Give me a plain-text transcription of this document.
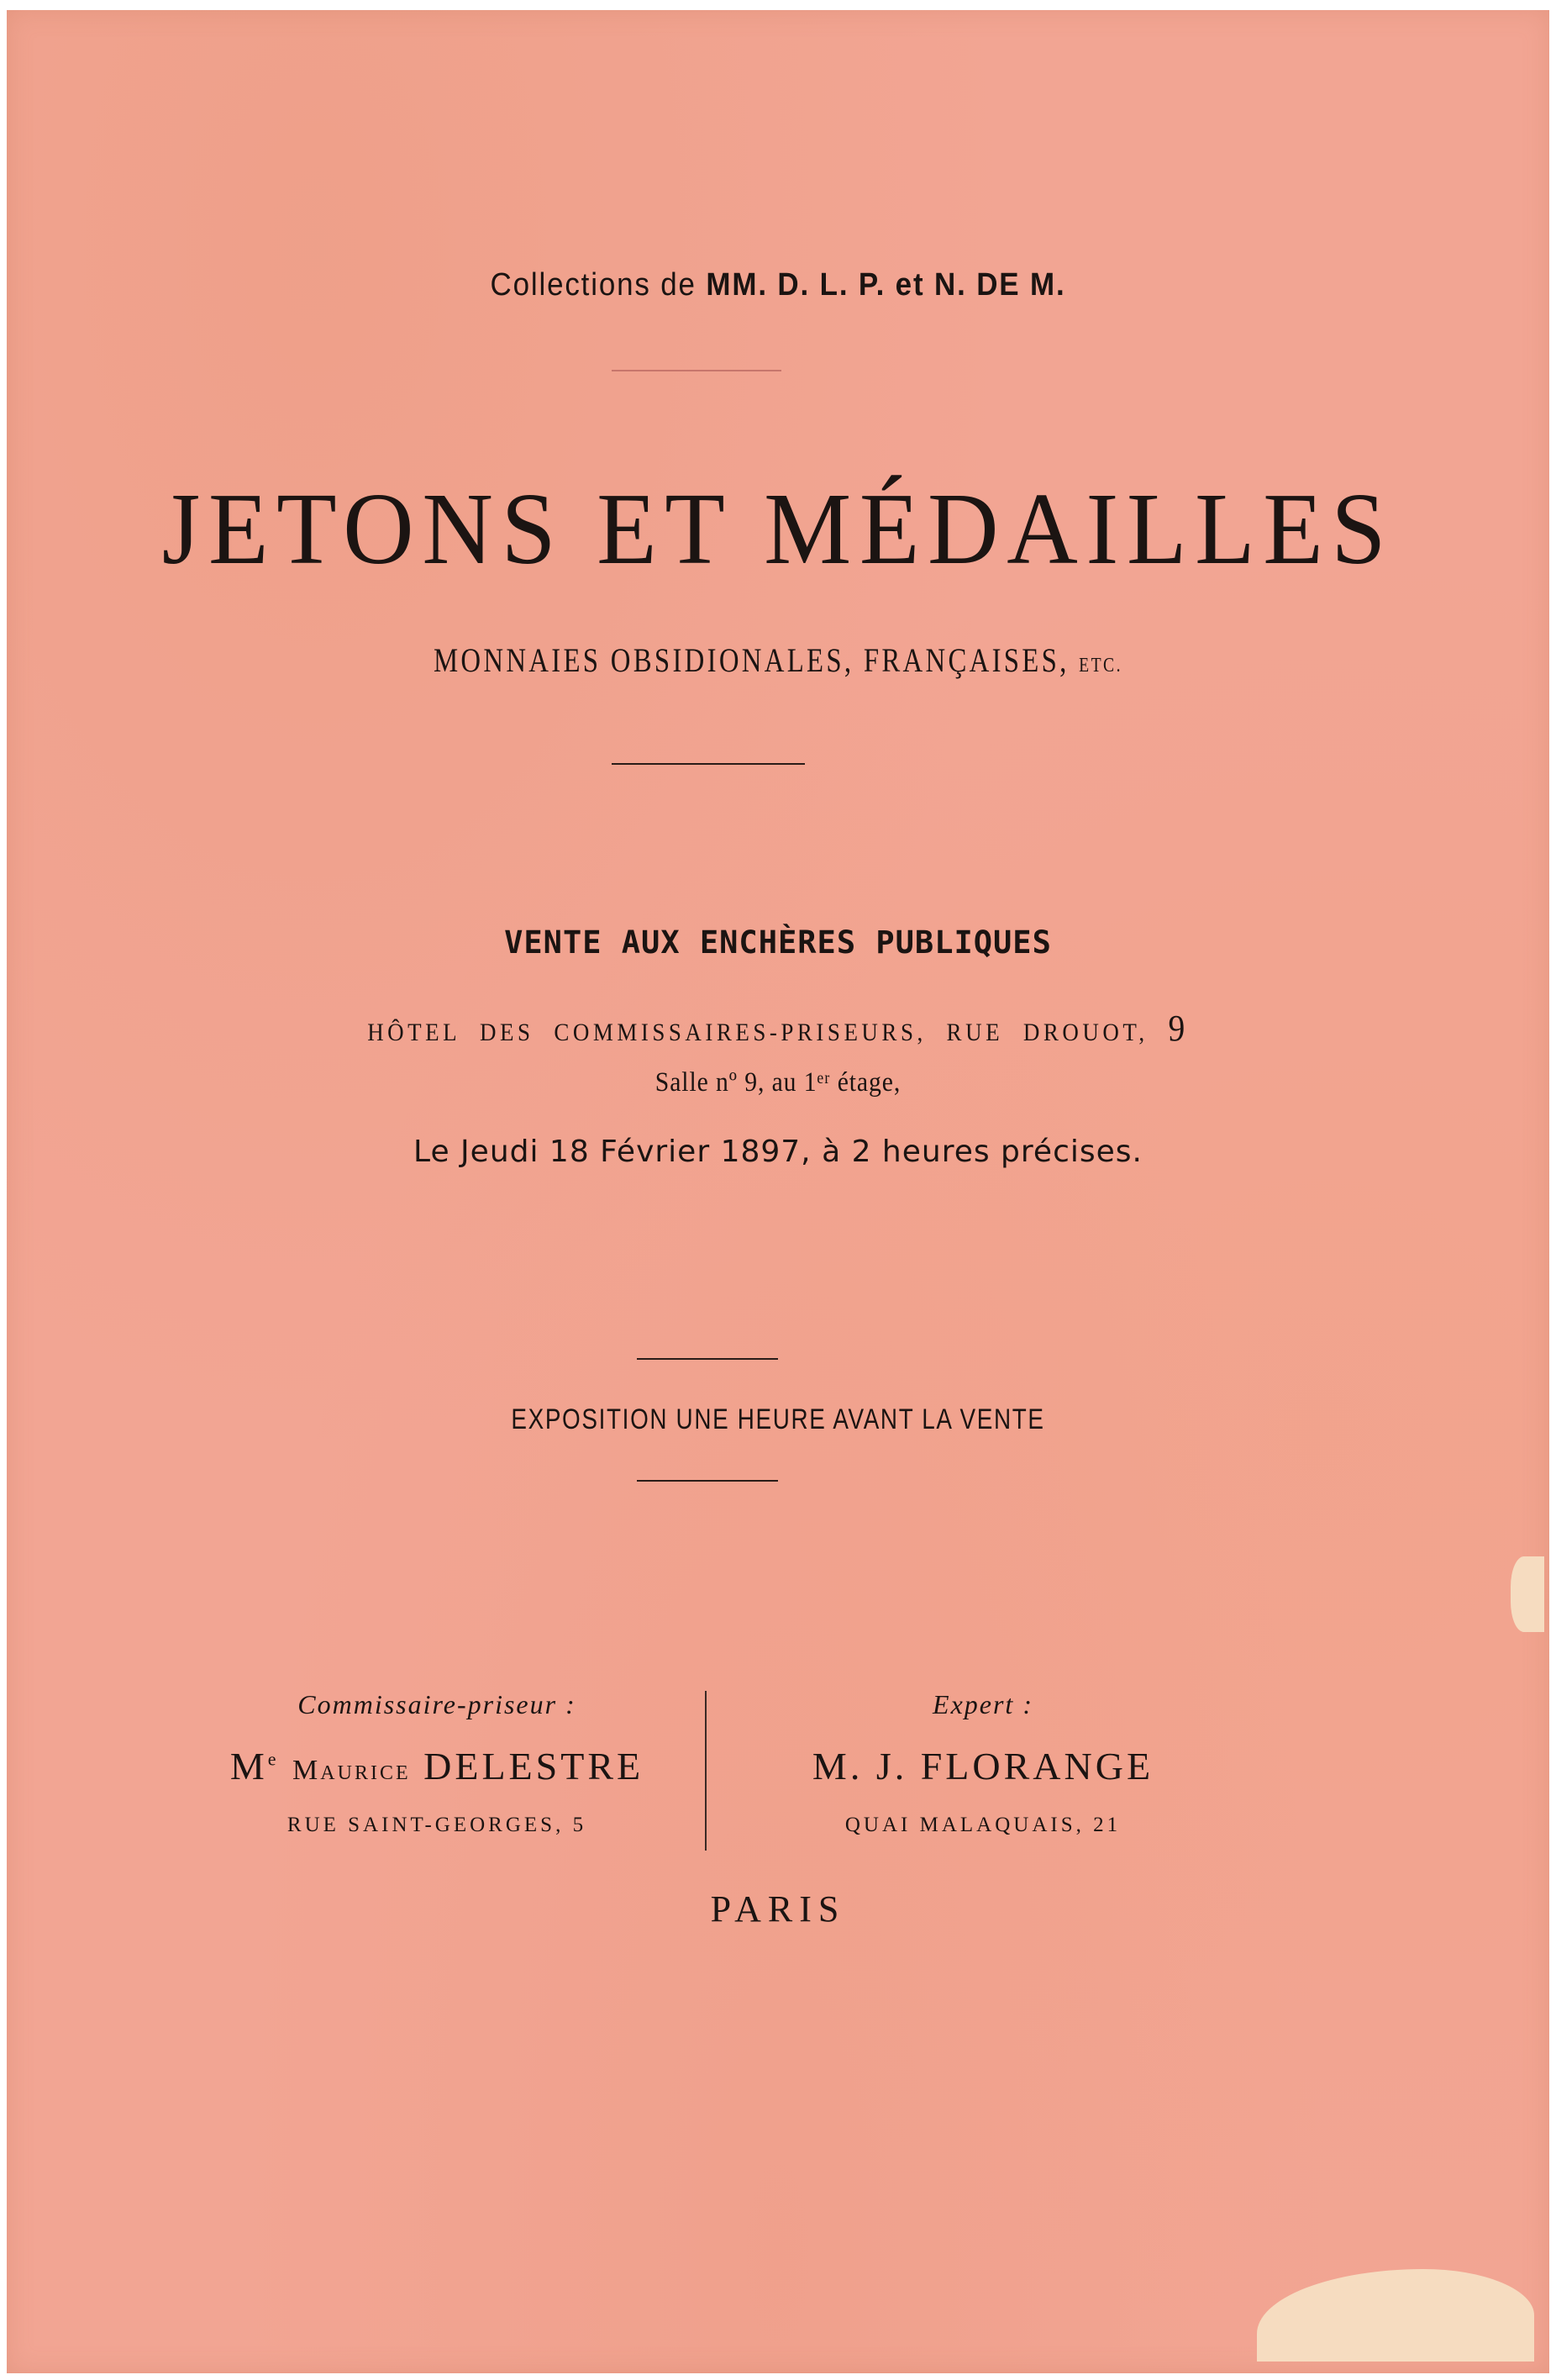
Collections de MM. D. L. P. et N. DE M.
JETONS ET MÉDAILLES
MONNAIES OBSIDIONALES, FRANÇAISES, ETC.
VENTE AUX ENCHÈRES PUBLIQUES
HÔTEL DES COMMISSAIRES-PRISEURS, RUE DROUOT, 9
Salle nº 9, au 1ᵉʳ étage,
Le Jeudi 18 Février 1897, à 2 heures précises.
EXPOSITION UNE HEURE AVANT LA VENTE
Commissaire-priseur :
Me Maurice DELESTRE
RUE SAINT-GEORGES, 5
Expert :
M. J. FLORANGE
QUAI MALAQUAIS, 21
PARIS
